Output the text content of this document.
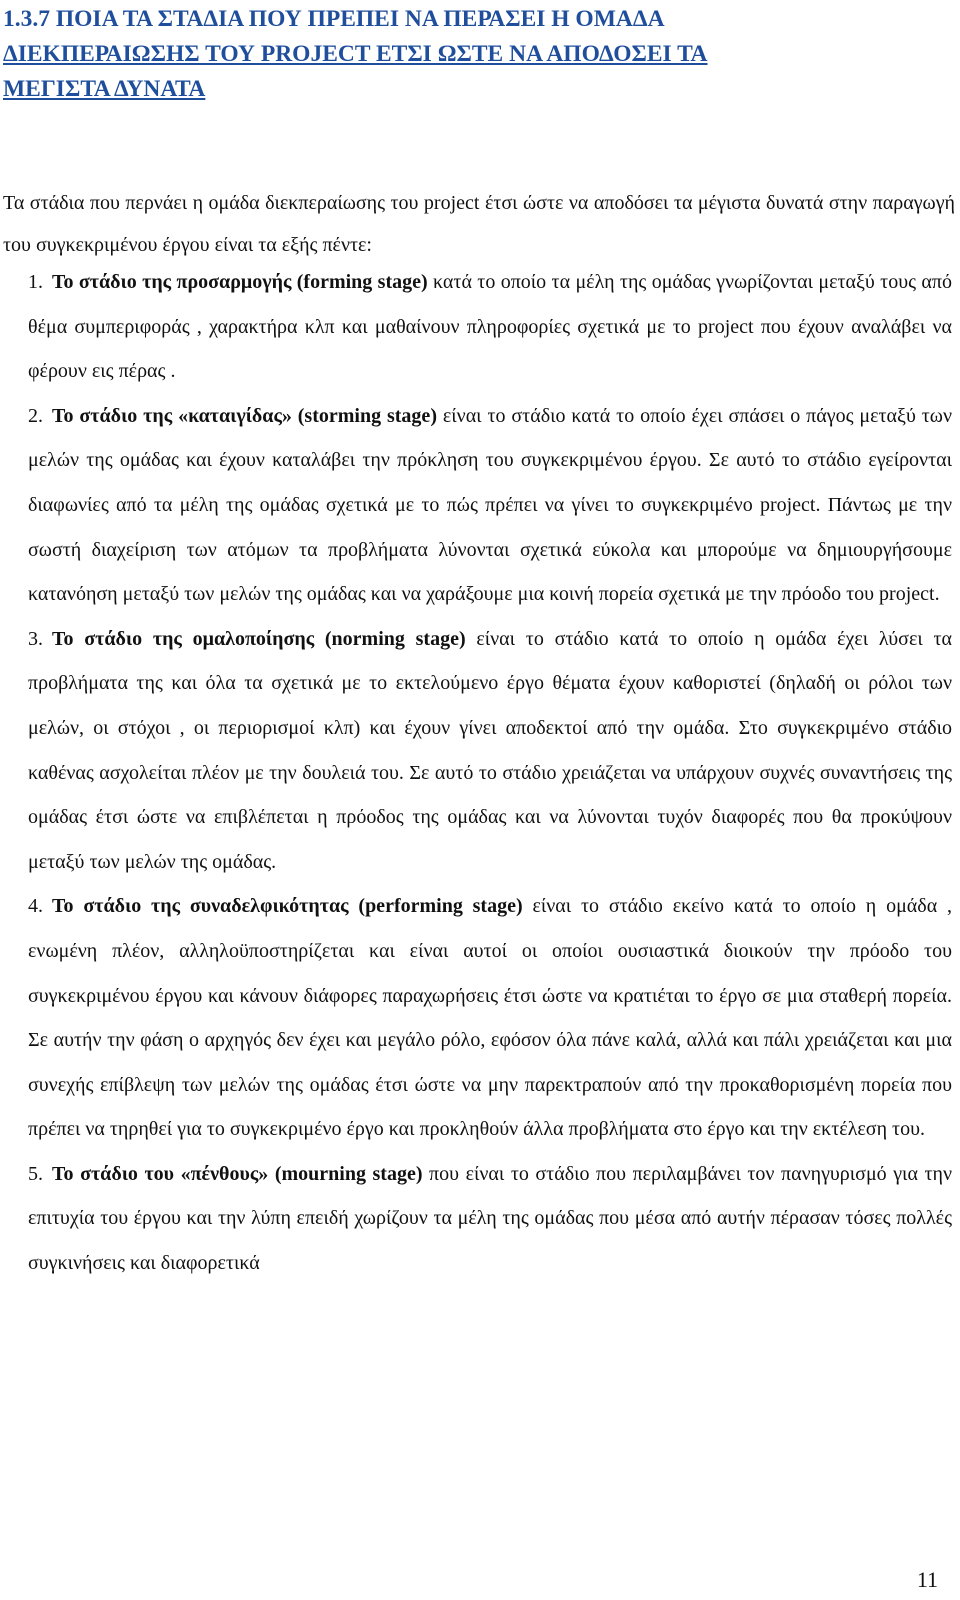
1.3.7 ΠΟΙΑ ΤΑ ΣΤΑΔΙΑ ΠΟΥ ΠΡΕΠΕΙ ΝΑ ΠΕΡΑΣΕΙ Η ΟΜΑΔΑ
ΔΙΕΚΠΕΡΑΙΩΣΗΣ ΤΟΥ PROJECT ΕΤΣΙ ΩΣΤΕ ΝΑ ΑΠΟΔΟΣΕΙ ΤΑ
ΜΕΓΙΣΤΑ ΔΥΝΑΤΑ

Τα στάδια που περνάει η ομάδα διεκπεραίωσης του project έτσι ώστε να αποδόσει τα μέγιστα δυνατά στην παραγωγή του συγκεκριμένου έργου είναι τα εξής πέντε:

1. Το στάδιο της προσαρμογής (forming stage) κατά το οποίο τα μέλη της ομάδας γνωρίζονται μεταξύ τους από θέμα συμπεριφοράς , χαρακτήρα κλπ και μαθαίνουν πληροφορίες σχετικά με το project που έχουν αναλάβει να φέρουν εις πέρας .
2. Το στάδιο της «καταιγίδας» (storming stage) είναι το στάδιο κατά το οποίο έχει σπάσει ο πάγος μεταξύ των μελών της ομάδας και έχουν καταλάβει την πρόκληση του συγκεκριμένου έργου. Σε αυτό το στάδιο εγείρονται διαφωνίες από τα μέλη της ομάδας σχετικά με το πώς πρέπει να γίνει το συγκεκριμένο project. Πάντως με την σωστή διαχείριση των ατόμων τα προβλήματα λύνονται σχετικά εύκολα και μπορούμε να δημιουργήσουμε κατανόηση μεταξύ των μελών της ομάδας και να χαράξουμε μια κοινή πορεία σχετικά με την πρόοδο του project.
3. Το στάδιο της ομαλοποίησης (norming stage) είναι το στάδιο κατά το οποίο η ομάδα έχει λύσει τα προβλήματα της και όλα τα σχετικά με το εκτελούμενο έργο θέματα έχουν καθοριστεί (δηλαδή οι ρόλοι των μελών, οι στόχοι , οι περιορισμοί κλπ) και έχουν γίνει αποδεκτοί από την ομάδα. Στο συγκεκριμένο στάδιο καθένας ασχολείται πλέον με την δουλειά του. Σε αυτό το στάδιο χρειάζεται να υπάρχουν συχνές συναντήσεις της ομάδας έτσι ώστε να επιβλέπεται η πρόοδος της ομάδας και να λύνονται τυχόν διαφορές που θα προκύψουν μεταξύ των μελών της ομάδας.
4. Το στάδιο της συναδελφικότητας (performing stage) είναι το στάδιο εκείνο κατά το οποίο η ομάδα , ενωμένη πλέον, αλληλοϋποστηρίζεται και είναι αυτοί οι οποίοι ουσιαστικά διοικούν την πρόοδο του συγκεκριμένου έργου και κάνουν διάφορες παραχωρήσεις έτσι ώστε να κρατιέται το έργο σε μια σταθερή πορεία. Σε αυτήν την φάση ο αρχηγός δεν έχει και μεγάλο ρόλο, εφόσον όλα πάνε καλά, αλλά και πάλι χρειάζεται και μια συνεχής επίβλεψη των μελών της ομάδας έτσι ώστε να μην παρεκτραπούν από την προκαθορισμένη πορεία που πρέπει να τηρηθεί για το συγκεκριμένο έργο και προκληθούν άλλα προβλήματα στο έργο και την εκτέλεση του.
5. Το στάδιο του «πένθους» (mourning stage) που είναι το στάδιο που περιλαμβάνει τον πανηγυρισμό για την επιτυχία του έργου και την λύπη επειδή χωρίζουν τα μέλη της ομάδας που μέσα από αυτήν πέρασαν τόσες πολλές συγκινήσεις και διαφορετικά
11
